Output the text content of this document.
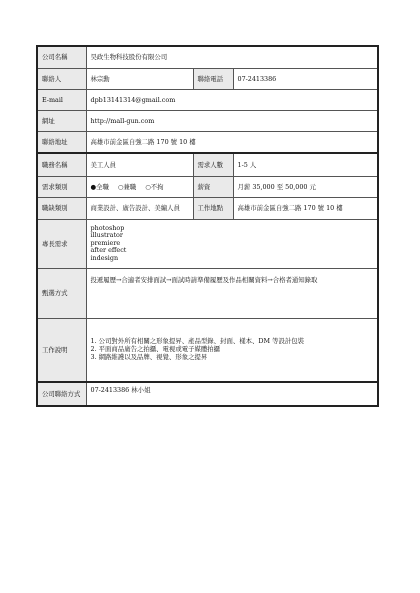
公司名稱	昊政生物科技股份有限公司		
聯絡人	林宗勳	聯絡電話	07-2413386
E-mail	dpb13141314@gmail.com		
網址	http://mall-gun.com		
聯絡地址	高雄市前金區自強二路 170 號 10 樓		
職務名稱	美工人員	需求人數	1-5 人
需求類別	●全職 ○兼職 ○不拘	薪資	月薪 35,000 至 50,000 元
職缺類別	商業設計、廣告設計、美編人員	工作地點	高雄市前金區自強二路 170 號 10 樓
專長需求	photoshop
illustrator
premiere
after effect
indesign		

甄選方式	投遞履歷→合適者安排面試→面試時請準備履歷及作品相關資料→合格者通知錄取		
工作說明	1. 公司對外所有相關之形象提昇、產品型錄、封面、樣本、DM 等設計包裝
2. 平面商品廣告之拍攝、電視或電子媒體拍攝
3. 網路維護以及品牌、視覺、形象之提昇		
公司聯絡方式	07-2413386 林小姐
